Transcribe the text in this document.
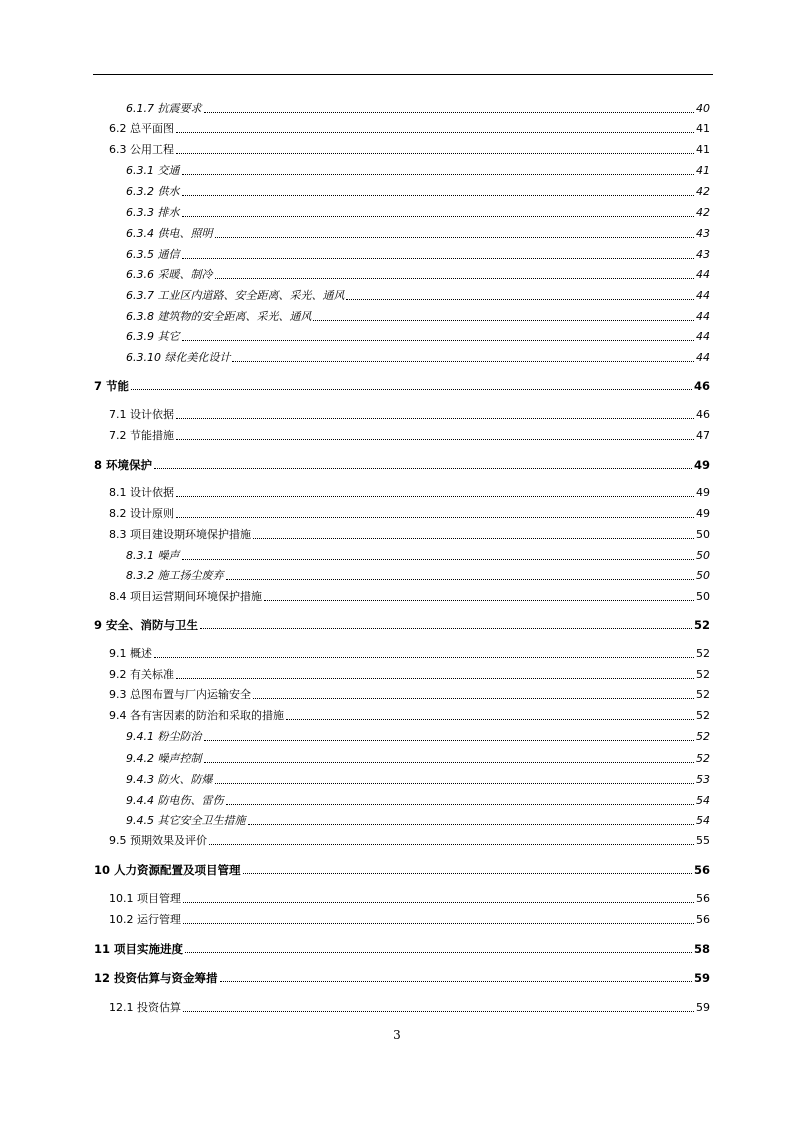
6.1.7 抗震要求	40
6.2 总平面图	41
6.3 公用工程	41
6.3.1 交通	41
6.3.2 供水	42
6.3.3 排水	42
6.3.4 供电、照明	43
6.3.5 通信	43
6.3.6 采暖、制冷	44
6.3.7 工业区内道路、安全距离、采光、通风	44
6.3.8 建筑物的安全距离、采光、通风	44
6.3.9 其它	44
6.3.10 绿化美化设计	44
7 节能	46
7.1 设计依据	46
7.2 节能措施	47
8 环境保护	49
8.1 设计依据	49
8.2 设计原则	49
8.3 项目建设期环境保护措施	50
8.3.1 噪声	50
8.3.2 施工扬尘废弃	50
8.4 项目运营期间环境保护措施	50
9 安全、消防与卫生	52
9.1 概述	52
9.2 有关标准	52
9.3 总图布置与厂内运输安全	52
9.4 各有害因素的防治和采取的措施	52
9.4.1 粉尘防治	52
9.4.2 噪声控制	52
9.4.3 防火、防爆	53
9.4.4 防电伤、雷伤	54
9.4.5 其它安全卫生措施	54
9.5 预期效果及评价	55
10 人力资源配置及项目管理	56
10.1 项目管理	56
10.2 运行管理	56
11 项目实施进度	58
12 投资估算与资金筹措	59
12.1 投资估算	59
3
